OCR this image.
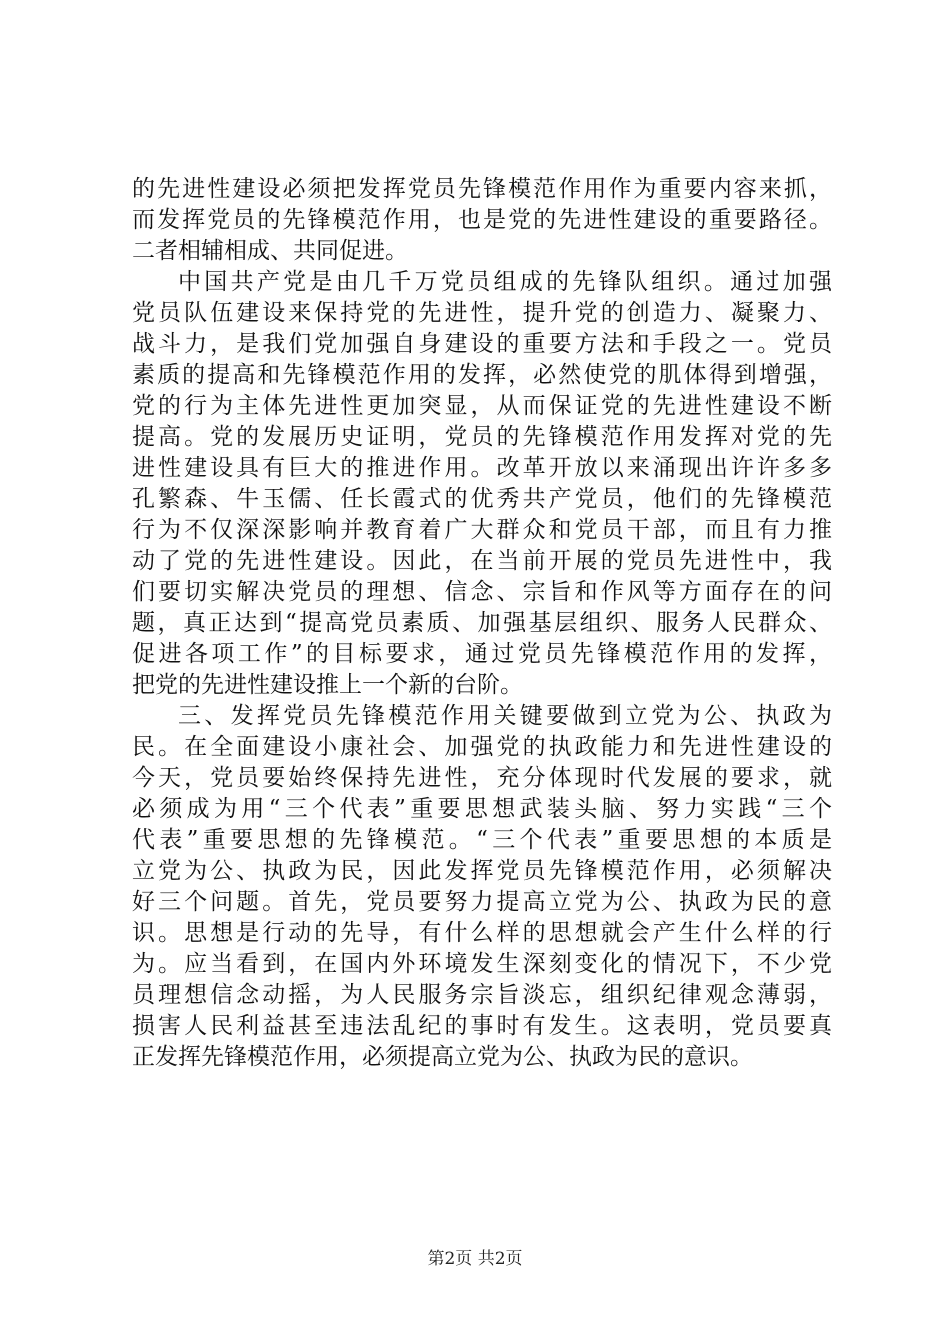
的先进性建设必须把发挥党员先锋模范作用作为重要内容来抓，
而发挥党员的先锋模范作用，也是党的先进性建设的重要路径。
二者相辅相成、共同促进。
中国共产党是由几千万党员组成的先锋队组织。通过加强
党员队伍建设来保持党的先进性，提升党的创造力、凝聚力、
战斗力，是我们党加强自身建设的重要方法和手段之一。党员
素质的提高和先锋模范作用的发挥，必然使党的肌体得到增强，
党的行为主体先进性更加突显，从而保证党的先进性建设不断
提高。党的发展历史证明，党员的先锋模范作用发挥对党的先
进性建设具有巨大的推进作用。改革开放以来涌现出许许多多
孔繁森、牛玉儒、任长霞式的优秀共产党员，他们的先锋模范
行为不仅深深影响并教育着广大群众和党员干部，而且有力推
动了党的先进性建设。因此，在当前开展的党员先进性中，我
们要切实解决党员的理想、信念、宗旨和作风等方面存在的问
题，真正达到“提高党员素质、加强基层组织、服务人民群众、
促进各项工作”的目标要求，通过党员先锋模范作用的发挥，
把党的先进性建设推上一个新的台阶。
三、发挥党员先锋模范作用关键要做到立党为公、执政为
民。在全面建设小康社会、加强党的执政能力和先进性建设的
今天，党员要始终保持先进性，充分体现时代发展的要求，就
必须成为用“三个代表”重要思想武装头脑、努力实践“三个
代表”重要思想的先锋模范。“三个代表”重要思想的本质是
立党为公、执政为民，因此发挥党员先锋模范作用，必须解决
好三个问题。首先，党员要努力提高立党为公、执政为民的意
识。思想是行动的先导，有什么样的思想就会产生什么样的行
为。应当看到，在国内外环境发生深刻变化的情况下，不少党
员理想信念动摇，为人民服务宗旨淡忘，组织纪律观念薄弱，
损害人民利益甚至违法乱纪的事时有发生。这表明，党员要真
正发挥先锋模范作用，必须提高立党为公、执政为民的意识。
第2页 共2页
